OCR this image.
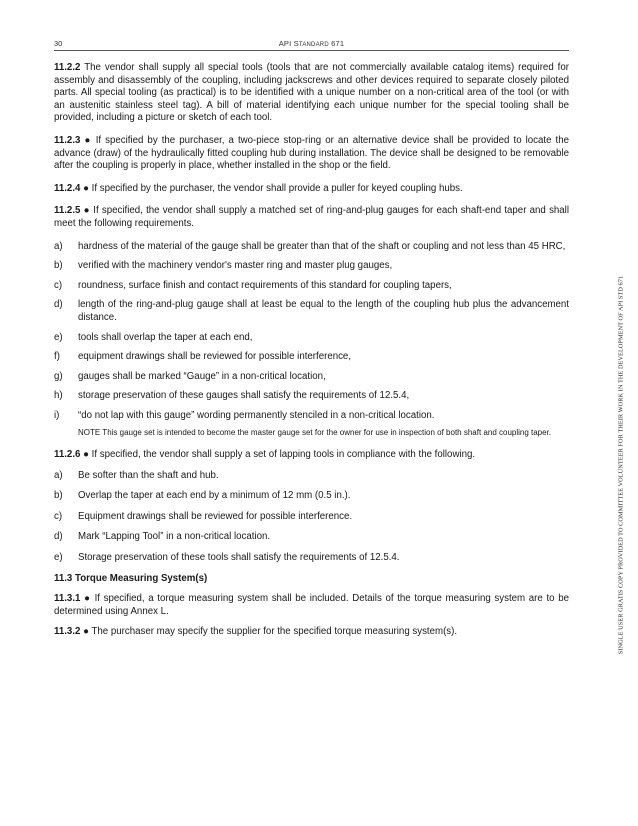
30	API STANDARD 671

11.2.2 The vendor shall supply all special tools (tools that are not commercially available catalog items) required for assembly and disassembly of the coupling, including jackscrews and other devices required to separate closely piloted parts. All special tooling (as practical) is to be identified with a unique number on a non-critical area of the tool (or with an austenitic stainless steel tag). A bill of material identifying each unique number for the special tooling shall be provided, including a picture or sketch of each tool.

11.2.3 ● If specified by the purchaser, a two-piece stop-ring or an alternative device shall be provided to locate the advance (draw) of the hydraulically fitted coupling hub during installation. The device shall be designed to be removable after the coupling is properly in place, whether installed in the shop or the field.

11.2.4 ● If specified by the purchaser, the vendor shall provide a puller for keyed coupling hubs.

11.2.5 ● If specified, the vendor shall supply a matched set of ring-and-plug gauges for each shaft-end taper and shall meet the following requirements.

a) hardness of the material of the gauge shall be greater than that of the shaft or coupling and not less than 45 HRC,

b) verified with the machinery vendor's master ring and master plug gauges,

c) roundness, surface finish and contact requirements of this standard for coupling tapers,

d) length of the ring-and-plug gauge shall at least be equal to the length of the coupling hub plus the advancement distance.

e) tools shall overlap the taper at each end,

f) equipment drawings shall be reviewed for possible interference,

g) gauges shall be marked “Gauge” in a non-critical location,

h) storage preservation of these gauges shall satisfy the requirements of 12.5.4,

i) “do not lap with this gauge” wording permanently stenciled in a non-critical location.

NOTE This gauge set is intended to become the master gauge set for the owner for use in inspection of both shaft and coupling taper.

11.2.6 ● If specified, the vendor shall supply a set of lapping tools in compliance with the following.

a) Be softer than the shaft and hub.

b) Overlap the taper at each end by a minimum of 12 mm (0.5 in.).

c) Equipment drawings shall be reviewed for possible interference.

d) Mark “Lapping Tool” in a non-critical location.

e) Storage preservation of these tools shall satisfy the requirements of 12.5.4.

11.3 Torque Measuring System(s)

11.3.1 ● If specified, a torque measuring system shall be included. Details of the torque measuring system are to be determined using Annex L.

11.3.2 ● The purchaser may specify the supplier for the specified torque measuring system(s).	SINGLE USER GRATIS COPY PROVIDED TO COMMITTEE VOLUNTEER FOR THEIR WORK IN THE DEVELOPMENT OF API STD 671
